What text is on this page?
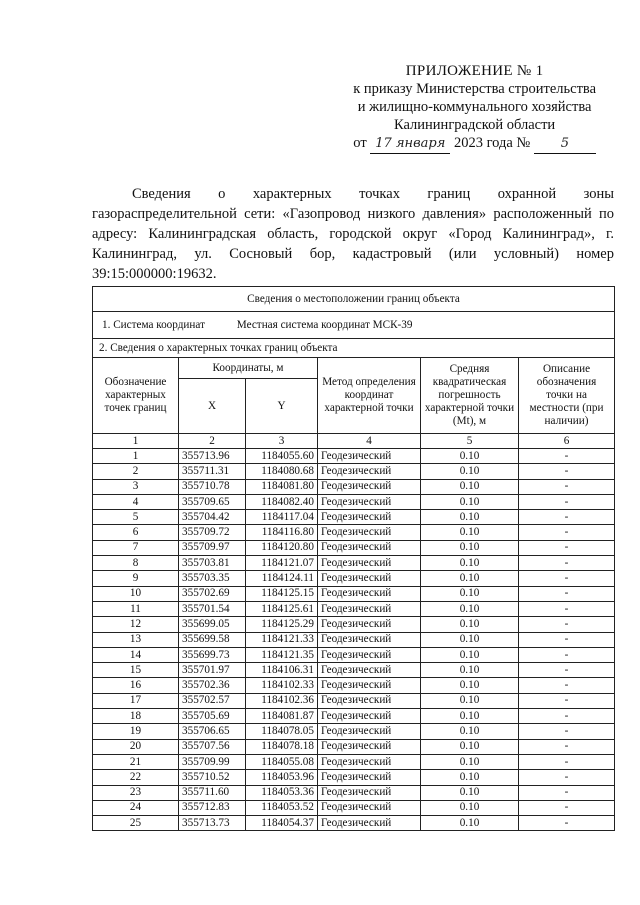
ПРИЛОЖЕНИЕ № 1
к приказу Министерства строительства
и жилищно-коммунального хозяйства
Калининградской области
от 17 января 2023 года № 5

Сведения о характерных точках границ охранной зоны газораспределительной сети: «Газопровод низкого давления» расположенный по адресу: Калининградская область, городской округ «Город Калининград», г. Калининград, ул. Сосновый бор, кадастровый (или условный) номер 39:15:000000:19632.

Сведения о местоположении границ объекта					
1. Система координат Местная система координат МСК-39					
2. Сведения о характерных точках границ объекта					
Обозначение характерных точек границ	Координаты, м		Метод определения координат характерной точки	Средняя квадратическая погрешность характерной точки (Mt), м	Описание обозначения точки на местности (при наличии)
	X	Y			
1	2	3	4	5	6
1	355713.96	1184055.60	Геодезический	0.10	-
2	355711.31	1184080.68	Геодезический	0.10	-
3	355710.78	1184081.80	Геодезический	0.10	-
4	355709.65	1184082.40	Геодезический	0.10	-
5	355704.42	1184117.04	Геодезический	0.10	-
6	355709.72	1184116.80	Геодезический	0.10	-
7	355709.97	1184120.80	Геодезический	0.10	-
8	355703.81	1184121.07	Геодезический	0.10	-
9	355703.35	1184124.11	Геодезический	0.10	-
10	355702.69	1184125.15	Геодезический	0.10	-
11	355701.54	1184125.61	Геодезический	0.10	-
12	355699.05	1184125.29	Геодезический	0.10	-
13	355699.58	1184121.33	Геодезический	0.10	-
14	355699.73	1184121.35	Геодезический	0.10	-
15	355701.97	1184106.31	Геодезический	0.10	-
16	355702.36	1184102.33	Геодезический	0.10	-
17	355702.57	1184102.36	Геодезический	0.10	-
18	355705.69	1184081.87	Геодезический	0.10	-
19	355706.65	1184078.05	Геодезический	0.10	-
20	355707.56	1184078.18	Геодезический	0.10	-
21	355709.99	1184055.08	Геодезический	0.10	-
22	355710.52	1184053.96	Геодезический	0.10	-
23	355711.60	1184053.36	Геодезический	0.10	-
24	355712.83	1184053.52	Геодезический	0.10	-
25	355713.73	1184054.37	Геодезический	0.10	-
